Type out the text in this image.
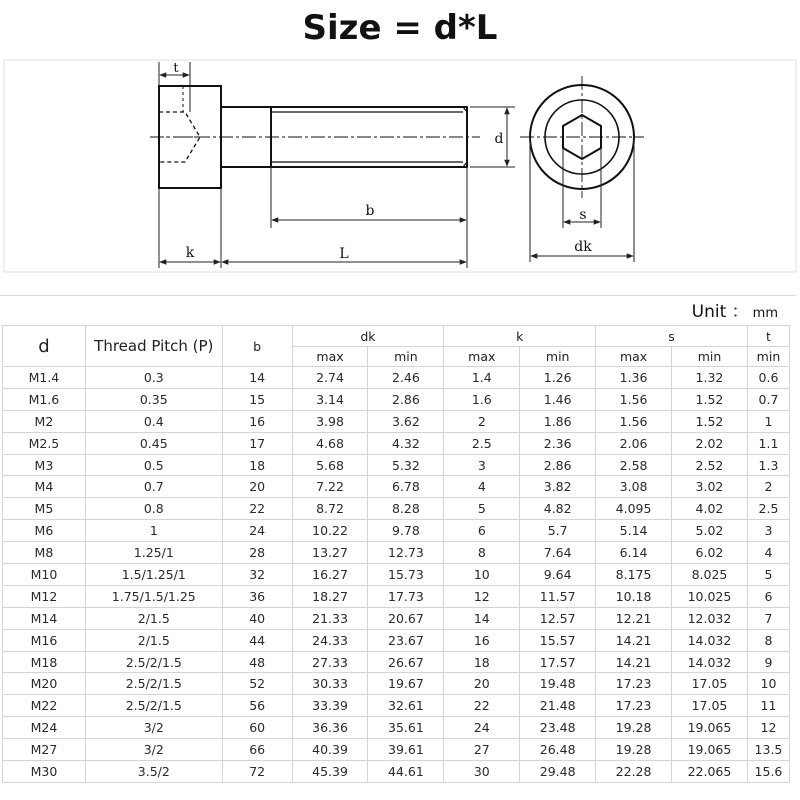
Size = d*L
t
d
b
k	L
s
dk
Unit ： mm
d	Thread Pitch (P)	b	dk		k		s		t
			max	min	max	min	max	min	min
M1.4	0.3	14	2.74	2.46	1.4	1.26	1.36	1.32	0.6
M1.6	0.35	15	3.14	2.86	1.6	1.46	1.56	1.52	0.7
M2	0.4	16	3.98	3.62	2	1.86	1.56	1.52	1
M2.5	0.45	17	4.68	4.32	2.5	2.36	2.06	2.02	1.1
M3	0.5	18	5.68	5.32	3	2.86	2.58	2.52	1.3
M4	0.7	20	7.22	6.78	4	3.82	3.08	3.02	2
M5	0.8	22	8.72	8.28	5	4.82	4.095	4.02	2.5
M6	1	24	10.22	9.78	6	5.7	5.14	5.02	3
M8	1.25/1	28	13.27	12.73	8	7.64	6.14	6.02	4
M10	1.5/1.25/1	32	16.27	15.73	10	9.64	8.175	8.025	5
M12	1.75/1.5/1.25	36	18.27	17.73	12	11.57	10.18	10.025	6
M14	2/1.5	40	21.33	20.67	14	12.57	12.21	12.032	7
M16	2/1.5	44	24.33	23.67	16	15.57	14.21	14.032	8
M18	2.5/2/1.5	48	27.33	26.67	18	17.57	14.21	14.032	9
M20	2.5/2/1.5	52	30.33	19.67	20	19.48	17.23	17.05	10
M22	2.5/2/1.5	56	33.39	32.61	22	21.48	17.23	17.05	11
M24	3/2	60	36.36	35.61	24	23.48	19.28	19.065	12
M27	3/2	66	40.39	39.61	27	26.48	19.28	19.065	13.5
M30	3.5/2	72	45.39	44.61	30	29.48	22.28	22.065	15.6
